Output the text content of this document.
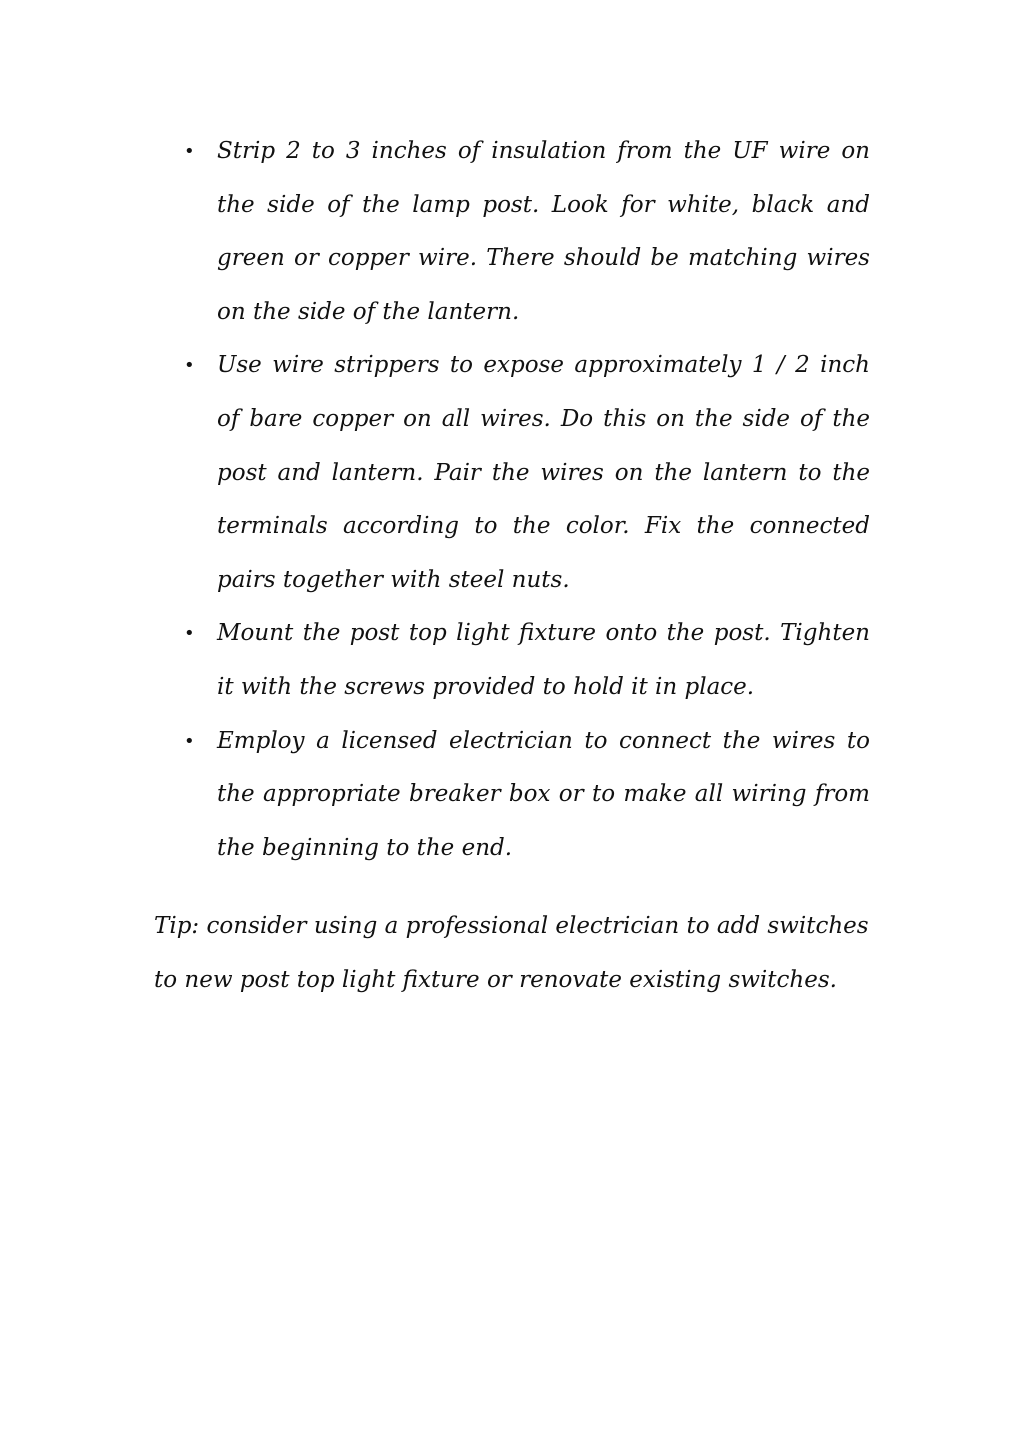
• Strip 2 to 3 inches of insulation from the UF wire on the side of the lamp post. Look for white, black and green or copper wire. There should be matching wires on the side of the lantern.
• Use wire strippers to expose approximately 1 / 2 inch of bare copper on all wires. Do this on the side of the post and lantern. Pair the wires on the lantern to the terminals according to the color. Fix the connected pairs together with steel nuts.
• Mount the post top light fixture onto the post. Tighten it with the screws provided to hold it in place.
• Employ a licensed electrician to connect the wires to the appropriate breaker box or to make all wiring from the beginning to the end.

Tip: consider using a professional electrician to add switches to new post top light fixture or renovate existing switches.
